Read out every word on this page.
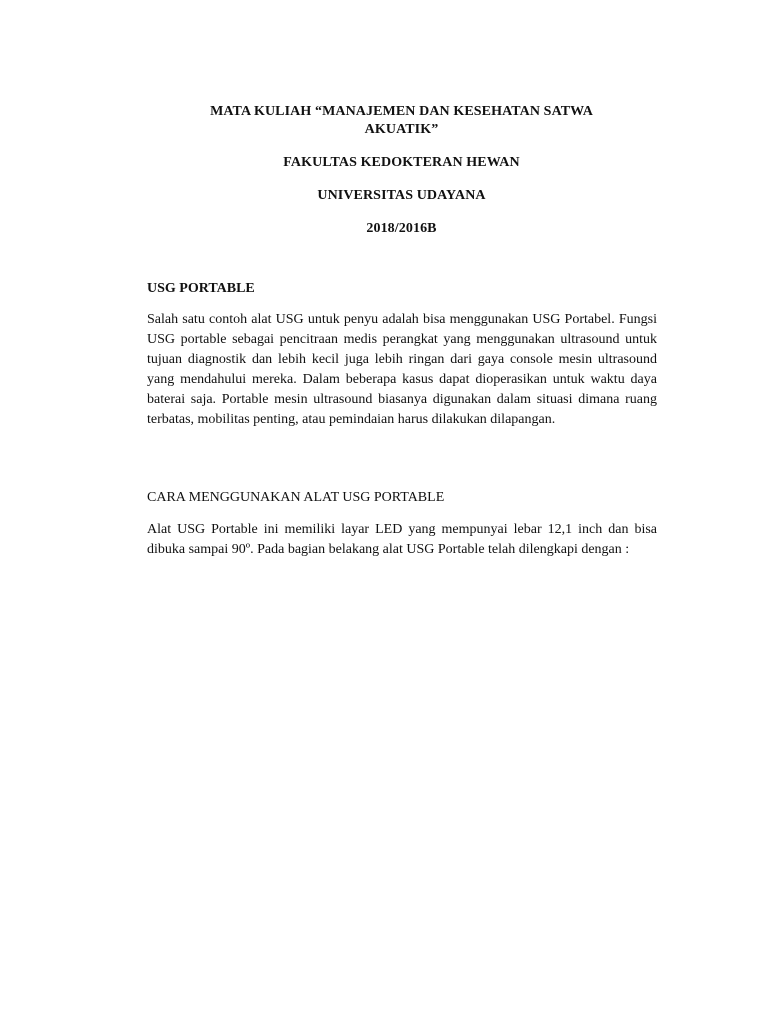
MATA KULIAH “MANAJEMEN DAN KESEHATAN SATWA AKUATIK”
FAKULTAS KEDOKTERAN HEWAN
UNIVERSITAS UDAYANA
2018/2016B
USG PORTABLE
Salah satu contoh alat USG untuk penyu adalah bisa menggunakan USG Portabel. Fungsi USG portable sebagai pencitraan medis perangkat yang menggunakan ultrasound untuk tujuan diagnostik dan lebih kecil juga lebih ringan dari gaya console mesin ultrasound yang mendahului mereka. Dalam beberapa kasus dapat dioperasikan untuk waktu daya baterai saja. Portable mesin ultrasound biasanya digunakan dalam situasi dimana ruang terbatas, mobilitas penting, atau pemindaian harus dilakukan dilapangan.
CARA MENGGUNAKAN ALAT USG PORTABLE
Alat USG Portable ini memiliki layar LED yang mempunyai lebar 12,1 inch dan bisa dibuka sampai 90º. Pada bagian belakang alat USG Portable telah dilengkapi dengan :
